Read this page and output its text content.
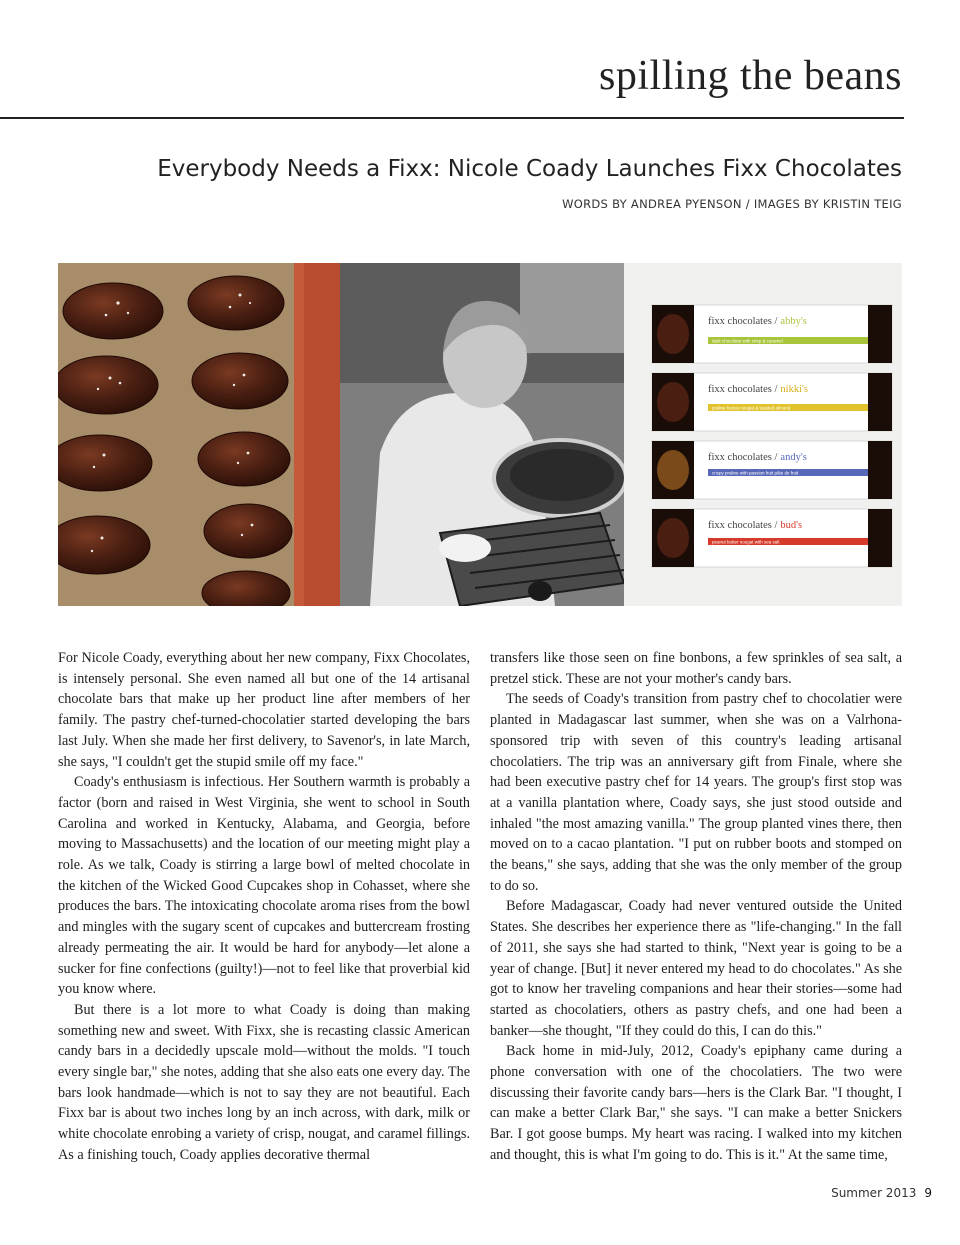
spilling the beans
Everybody Needs a Fixx: Nicole Coady Launches Fixx Chocolates
WORDS BY ANDREA PYENSON / IMAGES BY KRISTIN TEIG
fixx chocolates / abby's
fixx chocolates / nikki's
fixx chocolates / andy's
fixx chocolates / bud's
dark chocolate with crisp & caramel
praline honey nougat & toasted almond
crispy praline with passion fruit pâte de fruit
peanut butter nougat with sea salt

For Nicole Coady, everything about her new company, Fixx Chocolates, is intensely personal. She even named all but one of the 14 artisanal chocolate bars that make up her product line after members of her family. The pastry chef-turned-chocolatier started developing the bars last July. When she made her first delivery, to Savenor's, in late March, she says, "I couldn't get the stupid smile off my face."

Coady's enthusiasm is infectious. Her Southern warmth is probably a factor (born and raised in West Virginia, she went to school in South Carolina and worked in Kentucky, Alabama, and Georgia, before moving to Massachusetts) and the location of our meeting might play a role. As we talk, Coady is stirring a large bowl of melted chocolate in the kitchen of the Wicked Good Cupcakes shop in Cohasset, where she produces the bars. The intoxicating chocolate aroma rises from the bowl and mingles with the sugary scent of cupcakes and buttercream frosting already permeating the air. It would be hard for anybody—let alone a sucker for fine confections (guilty!)—not to feel like that proverbial kid you know where.

But there is a lot more to what Coady is doing than making something new and sweet. With Fixx, she is recasting classic American candy bars in a decidedly upscale mold—without the molds. "I touch every single bar," she notes, adding that she also eats one every day. The bars look handmade—which is not to say they are not beautiful. Each Fixx bar is about two inches long by an inch across, with dark, milk or white chocolate enrobing a variety of crisp, nougat, and caramel fillings. As a finishing touch, Coady applies decorative thermal

transfers like those seen on fine bonbons, a few sprinkles of sea salt, a pretzel stick. These are not your mother's candy bars.

The seeds of Coady's transition from pastry chef to chocolatier were planted in Madagascar last summer, when she was on a Valrhona-sponsored trip with seven of this country's leading artisanal chocolatiers. The trip was an anniversary gift from Finale, where she had been executive pastry chef for 14 years. The group's first stop was at a vanilla plantation where, Coady says, she just stood outside and inhaled "the most amazing vanilla." The group planted vines there, then moved on to a cacao plantation. "I put on rubber boots and stomped on the beans," she says, adding that she was the only member of the group to do so.

Before Madagascar, Coady had never ventured outside the United States. She describes her experience there as "life-changing." In the fall of 2011, she says she had started to think, "Next year is going to be a year of change. [But] it never entered my head to do chocolates." As she got to know her traveling companions and hear their stories—some had started as chocolatiers, others as pastry chefs, and one had been a banker—she thought, "If they could do this, I can do this."

Back home in mid-July, 2012, Coady's epiphany came during a phone conversation with one of the chocolatiers. The two were discussing their favorite candy bars—hers is the Clark Bar. "I thought, I can make a better Clark Bar," she says. "I can make a better Snickers Bar. I got goose bumps. My heart was racing. I walked into my kitchen and thought, this is what I'm going to do. This is it." At the same time,

Summer 2013 9
